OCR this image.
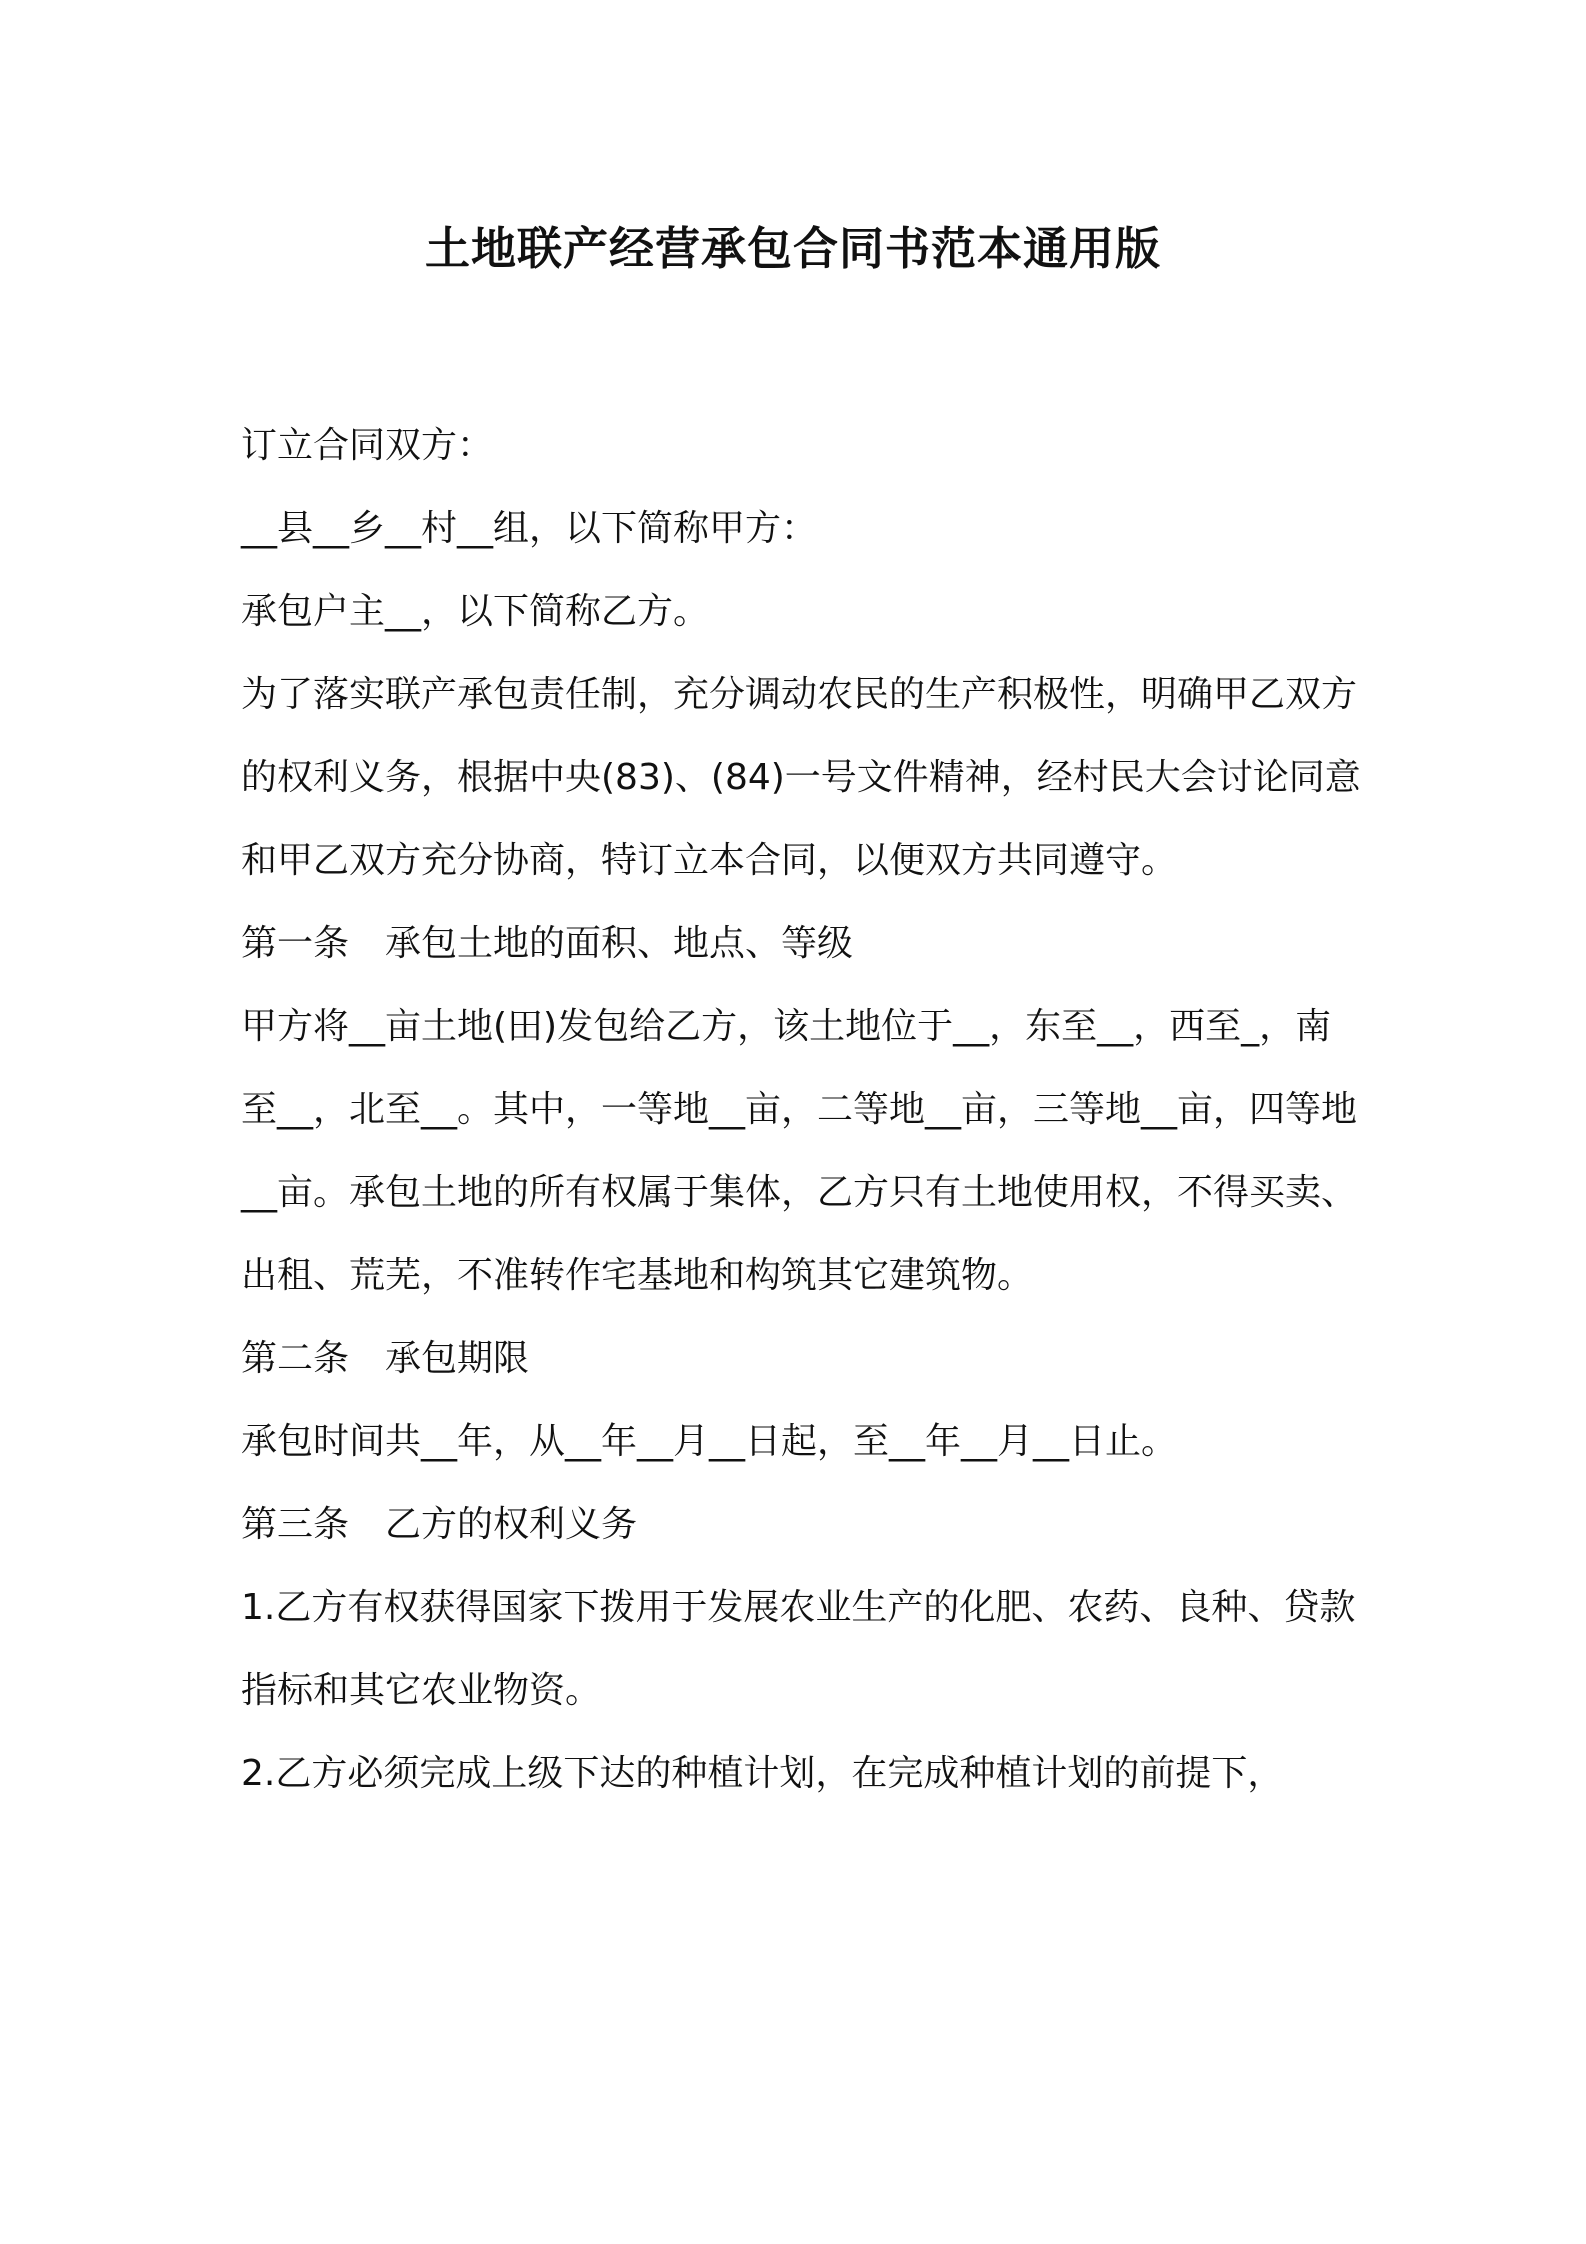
土地联产经营承包合同书范本通用版

订立合同双方：

__县__乡__村__组，以下简称甲方：

承包户主__，以下简称乙方。

为了落实联产承包责任制，充分调动农民的生产积极性，明确甲乙双方的权利义务，根据中央(83)、(84)一号文件精神，经村民大会讨论同意和甲乙双方充分协商，特订立本合同，以便双方共同遵守。

第一条　承包土地的面积、地点、等级

甲方将__亩土地(田)发包给乙方，该土地位于__，东至__，西至_，南至__，北至__。其中，一等地__亩，二等地__亩，三等地__亩，四等地__亩。承包土地的所有权属于集体，乙方只有土地使用权，不得买卖、出租、荒芜，不准转作宅基地和构筑其它建筑物。

第二条　承包期限

承包时间共__年，从__年__月__日起，至__年__月__日止。

第三条　乙方的权利义务

1.乙方有权获得国家下拨用于发展农业生产的化肥、农药、良种、贷款指标和其它农业物资。

2.乙方必须完成上级下达的种植计划，在完成种植计划的前提下，
